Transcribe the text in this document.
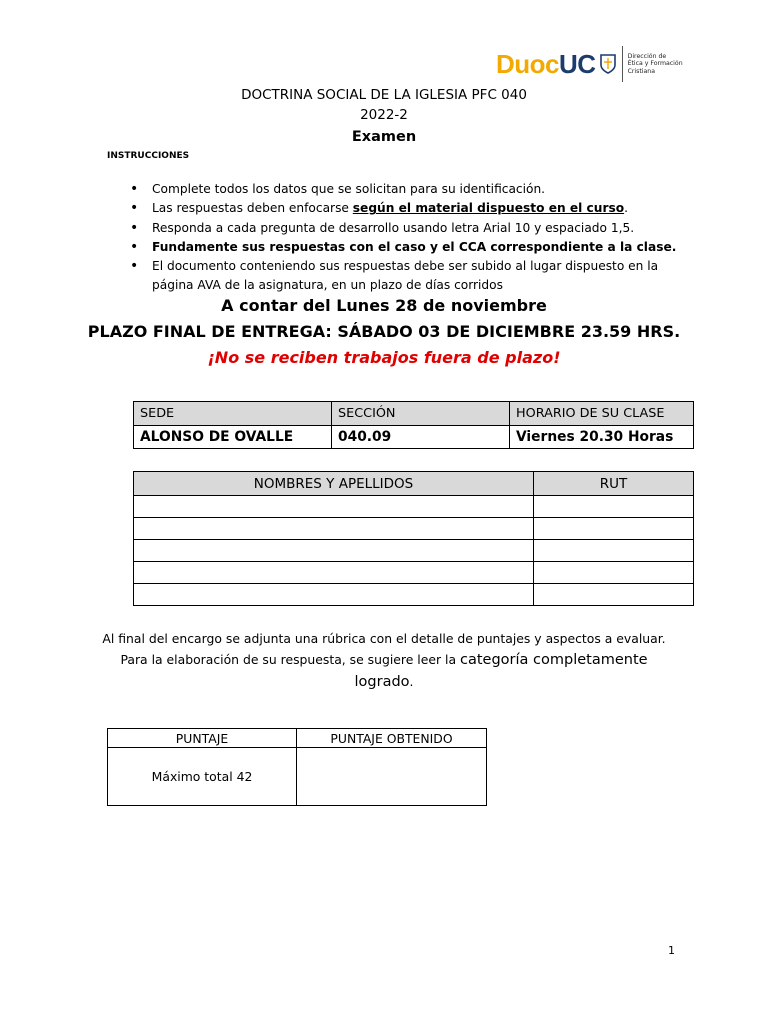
Duoc UC	Dirección de
Ética y Formación
Cristiana
DOCTRINA SOCIAL DE LA IGLESIA PFC 040
2022-2
Examen
INSTRUCCIONES
• Complete todos los datos que se solicitan para su identificación.
• Las respuestas deben enfocarse según el material dispuesto en el curso.
• Responda a cada pregunta de desarrollo usando letra Arial 10 y espaciado 1,5.
• Fundamente sus respuestas con el caso y el CCA correspondiente a la clase.
• El documento conteniendo sus respuestas debe ser subido al lugar dispuesto en la página AVA de la asignatura, en un plazo de días corridos
A contar del Lunes 28 de noviembre
PLAZO FINAL DE ENTREGA: SÁBADO 03 DE DICIEMBRE 23.59 HRS.
¡No se reciben trabajos fuera de plazo!
SEDE	SECCIÓN	HORARIO DE SU CLASE
ALONSO DE OVALLE	040.09	Viernes 20.30 Horas
NOMBRES Y APELLIDOS	RUT

Al final del encargo se adjunta una rúbrica con el detalle de puntajes y aspectos a evaluar.
Para la elaboración de su respuesta, se sugiere leer la categoría completamente
logrado.
PUNTAJE	PUNTAJE OBTENIDO
Máximo total 42	
1
